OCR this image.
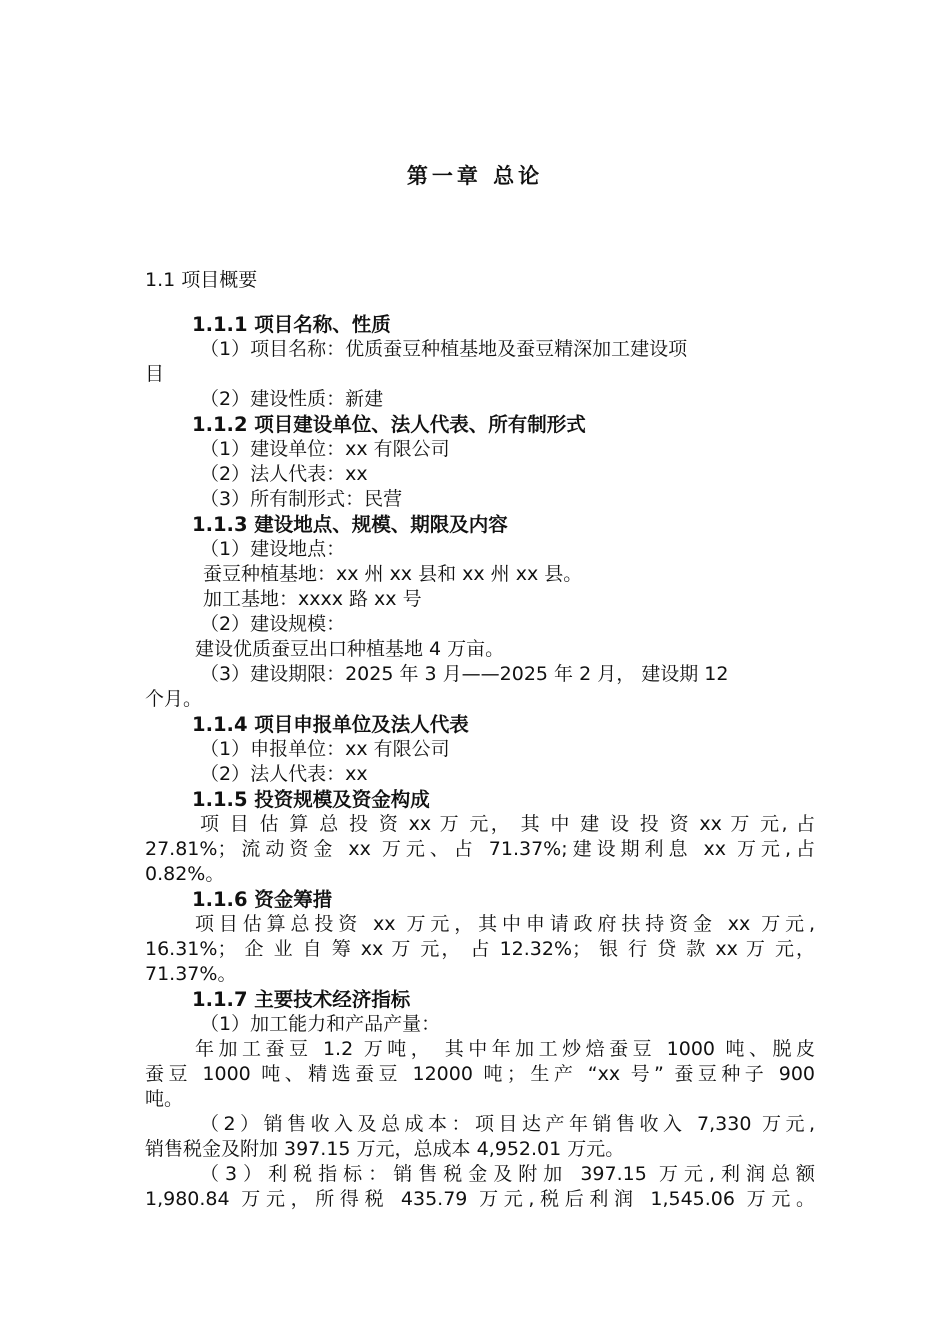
第一章 总论
1.1 项目概要
1.1.1 项目名称、性质
（1）项目名称：优质蚕豆种植基地及蚕豆精深加工建设项
目
（2）建设性质：新建
1.1.2 项目建设单位、法人代表、所有制形式
（1）建设单位：xx 有限公司
（2）法人代表：xx
（3）所有制形式：民营
1.1.3 建设地点、规模、期限及内容
（1）建设地点：
蚕豆种植基地：xx 州 xx 县和 xx 州 xx 县。
加工基地：xxxx 路 xx 号
（2）建设规模：
建设优质蚕豆出口种植基地 4 万亩。
（3）建设期限：2025 年 3 月——2025 年 2 月， 建设期 12
个月。
1.1.4 项目申报单位及法人代表
（1）申报单位：xx 有限公司
（2）法人代表：xx
1.1.5 投资规模及资金构成
项 目 估 算 总 投 资 xx 万 元， 其 中 建 设 投 资 xx 万 元, 占
27.81%；流动资金 xx 万元、占 71.37%;建设期利息 xx 万元,占
0.82%。
1.1.6 资金筹措
项目估算总投资 xx 万元，其中申请政府扶持资金 xx 万元,
16.31%； 企 业 自 筹 xx 万 元， 占 12.32%； 银 行 贷 款 xx 万 元，
71.37%。
1.1.7 主要技术经济指标
（1）加工能力和产品产量：
年加工蚕豆 1.2 万吨， 其中年加工炒焙蚕豆 1000 吨、脱皮
蚕豆 1000 吨、精选蚕豆 12000 吨；生产 “xx 号” 蚕豆种子 900
吨。
（2）销售收入及总成本：项目达产年销售收入 7,330 万元,
销售税金及附加 397.15 万元，总成本 4,952.01 万元。
（3）利税指标：销售税金及附加 397.15 万元,利润总额
1,980.84 万元，所得税 435.79 万元,税后利润 1,545.06 万元。
